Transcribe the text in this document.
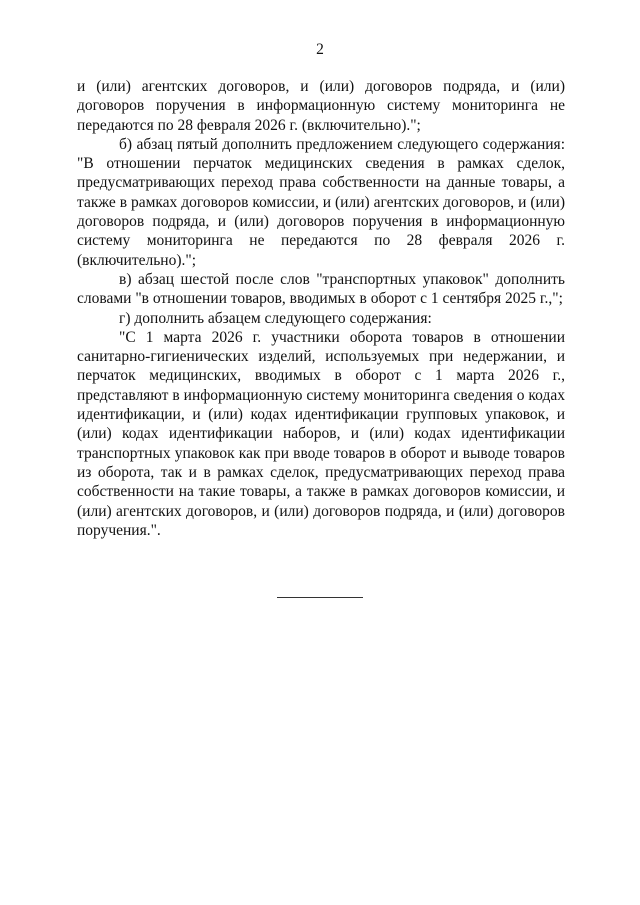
2

и (или) агентских договоров, и (или) договоров подряда, и (или) договоров поручения в информационную систему мониторинга не передаются по 28 февраля 2026 г. (включительно).";

б) абзац пятый дополнить предложением следующего содержания: "В отношении перчаток медицинских сведения в рамках сделок, предусматривающих переход права собственности на данные товары, а также в рамках договоров комиссии, и (или) агентских договоров, и (или) договоров подряда, и (или) договоров поручения в информационную систему мониторинга не передаются по 28 февраля 2026 г. (включительно).";

в) абзац шестой после слов "транспортных упаковок" дополнить словами "в отношении товаров, вводимых в оборот с 1 сентября 2025 г.,";

г) дополнить абзацем следующего содержания:

"С 1 марта 2026 г. участники оборота товаров в отношении санитарно-гигиенических изделий, используемых при недержании, и перчаток медицинских, вводимых в оборот с 1 марта 2026 г., представляют в информационную систему мониторинга сведения о кодах идентификации, и (или) кодах идентификации групповых упаковок, и (или) кодах идентификации наборов, и (или) кодах идентификации транспортных упаковок как при вводе товаров в оборот и выводе товаров из оборота, так и в рамках сделок, предусматривающих переход права собственности на такие товары, а также в рамках договоров комиссии, и (или) агентских договоров, и (или) договоров подряда, и (или) договоров поручения.".
